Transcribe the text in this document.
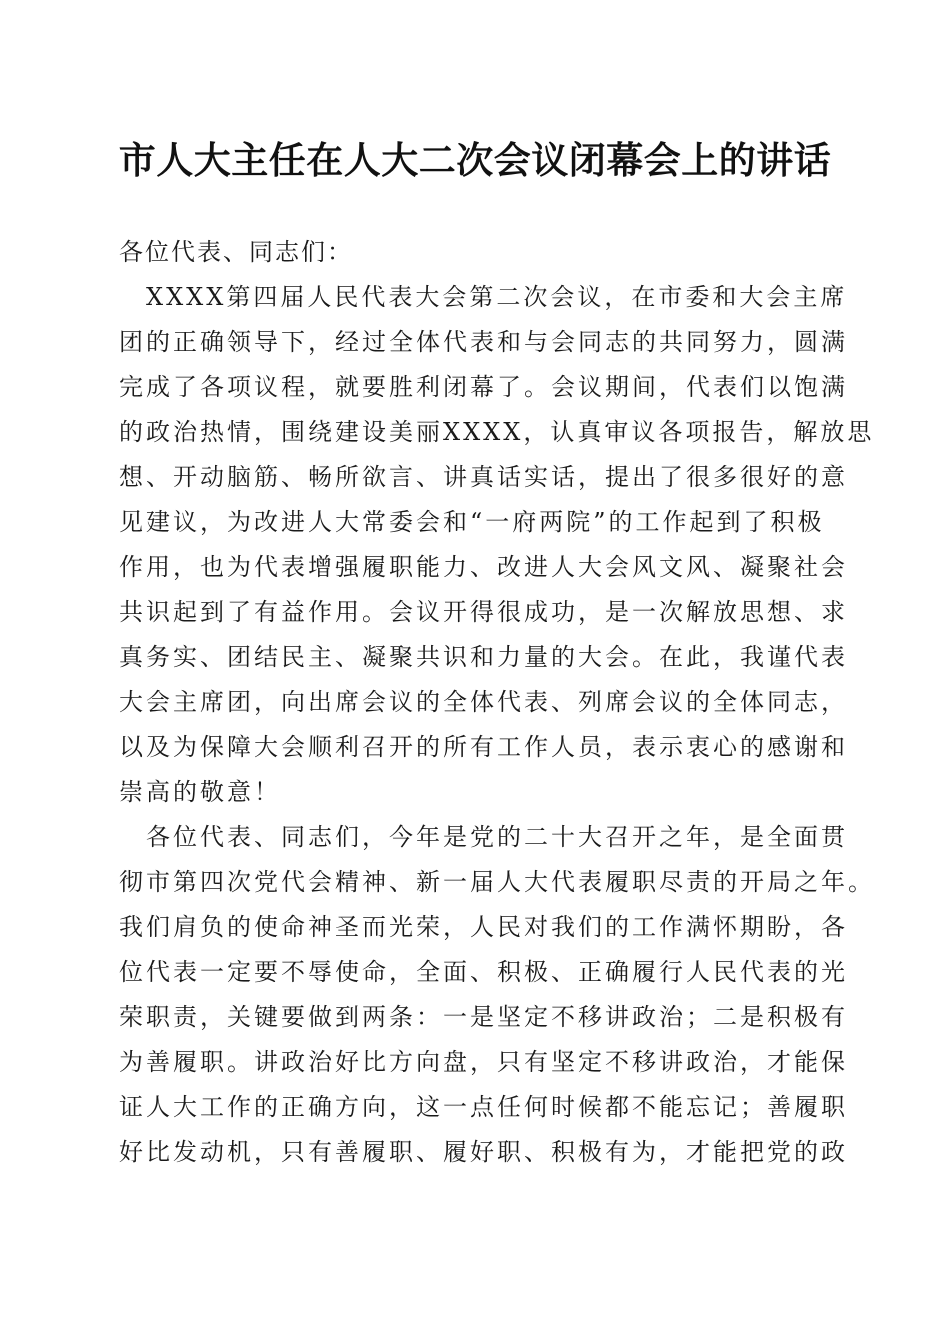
市人大主任在人大二次会议闭幕会上的讲话
各位代表、同志们：
　XXXX第四届人民代表大会第二次会议，在市委和大会主席
团的正确领导下，经过全体代表和与会同志的共同努力，圆满
完成了各项议程，就要胜利闭幕了。会议期间，代表们以饱满
的政治热情，围绕建设美丽XXXX，认真审议各项报告，解放思
想、开动脑筋、畅所欲言、讲真话实话，提出了很多很好的意
见建议，为改进人大常委会和“一府两院”的工作起到了积极
作用，也为代表增强履职能力、改进人大会风文风、凝聚社会
共识起到了有益作用。会议开得很成功，是一次解放思想、求
真务实、团结民主、凝聚共识和力量的大会。在此，我谨代表
大会主席团，向出席会议的全体代表、列席会议的全体同志，
以及为保障大会顺利召开的所有工作人员，表示衷心的感谢和
崇高的敬意！
　各位代表、同志们，今年是党的二十大召开之年，是全面贯
彻市第四次党代会精神、新一届人大代表履职尽责的开局之年。
我们肩负的使命神圣而光荣，人民对我们的工作满怀期盼，各
位代表一定要不辱使命，全面、积极、正确履行人民代表的光
荣职责，关键要做到两条：一是坚定不移讲政治；二是积极有
为善履职。讲政治好比方向盘，只有坚定不移讲政治，才能保
证人大工作的正确方向，这一点任何时候都不能忘记；善履职
好比发动机，只有善履职、履好职、积极有为，才能把党的政
